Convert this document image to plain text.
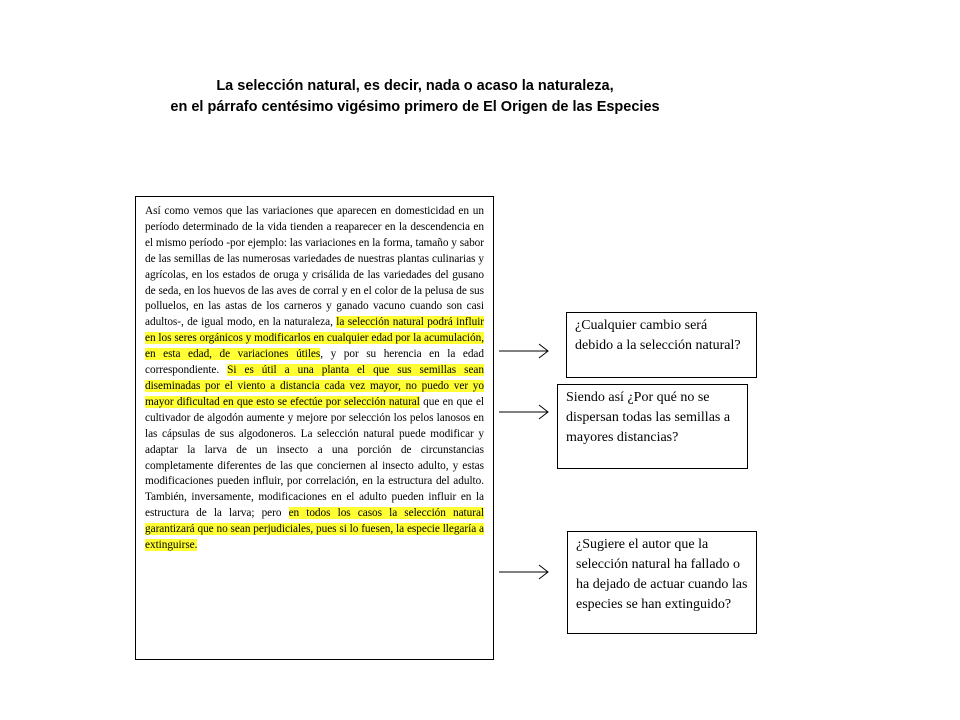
La selección natural, es decir, nada o acaso la naturaleza,
en el párrafo centésimo vigésimo primero de El Origen de las Especies

Así como vemos que las variaciones que aparecen en domesticidad en un período determinado de la vida tienden a reaparecer en la descendencia en el mismo período -por ejemplo: las variaciones en la forma, tamaño y sabor de las semillas de las numerosas variedades de nuestras plantas culinarias y agrícolas, en los estados de oruga y crisálida de las variedades del gusano de seda, en los huevos de las aves de corral y en el color de la pelusa de sus polluelos, en las astas de los carneros y ganado vacuno cuando son casi adultos-, de igual modo, en la naturaleza, la selección natural podrá influir en los seres orgánicos y modificarlos en cualquier edad por la acumulación, en esta edad, de variaciones útiles, y por su herencia en la edad correspondiente. Si es útil a una planta el que sus semillas sean diseminadas por el viento a distancia cada vez mayor, no puedo ver yo mayor dificultad en que esto se efectúe por selección natural que en que el cultivador de algodón aumente y mejore por selección los pelos lanosos en las cápsulas de sus algodoneros. La selección natural puede modificar y adaptar la larva de un insecto a una porción de circunstancias completamente diferentes de las que conciernen al insecto adulto, y estas modificaciones pueden influir, por correlación, en la estructura del adulto. También, inversamente, modificaciones en el adulto pueden influir en la estructura de la larva; pero en todos los casos la selección natural garantizará que no sean perjudiciales, pues si lo fuesen, la especie llegaría a extinguirse.

¿Cualquier cambio será debido a la selección natural?
Siendo así ¿Por qué no se dispersan todas las semillas a mayores distancias?
¿Sugiere el autor que la selección natural ha fallado o ha dejado de actuar cuando las especies se han extinguido?
